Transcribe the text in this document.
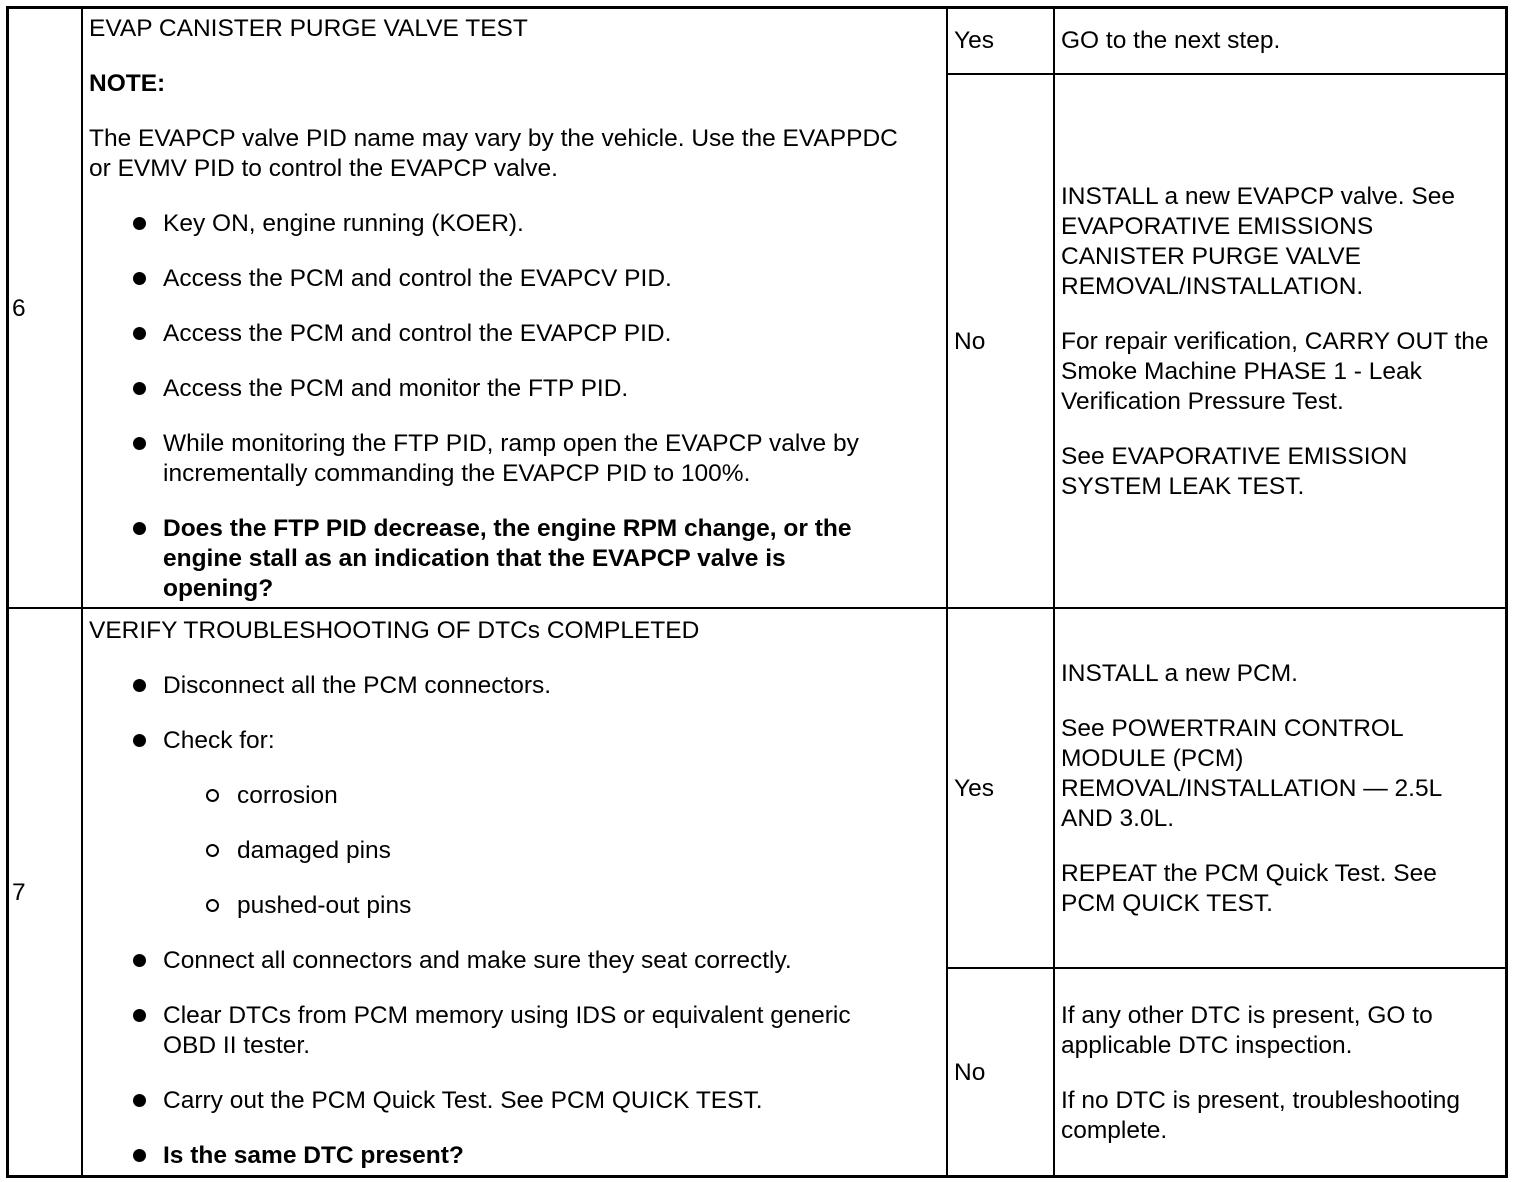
6
EVAP CANISTER PURGE VALVE TEST
NOTE:
The EVAPCP valve PID name may vary by the vehicle. Use the EVAPPDC
or EVMV PID to control the EVAPCP valve.
Key ON, engine running (KOER).
Access the PCM and control the EVAPCV PID.
Access the PCM and control the EVAPCP PID.
Access the PCM and monitor the FTP PID.
While monitoring the FTP PID, ramp open the EVAPCP valve by
incrementally commanding the EVAPCP PID to 100%.
Does the FTP PID decrease, the engine RPM change, or the
engine stall as an indication that the EVAPCP valve is
opening?
Yes	GO to the next step.
No
INSTALL a new EVAPCP valve. See
EVAPORATIVE EMISSIONS
CANISTER PURGE VALVE
REMOVAL/INSTALLATION.
For repair verification, CARRY OUT the
Smoke Machine PHASE 1 - Leak
Verification Pressure Test.
See EVAPORATIVE EMISSION
SYSTEM LEAK TEST.
7
VERIFY TROUBLESHOOTING OF DTCs COMPLETED
Disconnect all the PCM connectors.
Check for:
corrosion
damaged pins
pushed-out pins
Connect all connectors and make sure they seat correctly.
Clear DTCs from PCM memory using IDS or equivalent generic
OBD II tester.
Carry out the PCM Quick Test. See PCM QUICK TEST.
Is the same DTC present?
Yes
INSTALL a new PCM.
See POWERTRAIN CONTROL
MODULE (PCM)
REMOVAL/INSTALLATION — 2.5L
AND 3.0L.
REPEAT the PCM Quick Test. See
PCM QUICK TEST.
No
If any other DTC is present, GO to
applicable DTC inspection.
If no DTC is present, troubleshooting
complete.
